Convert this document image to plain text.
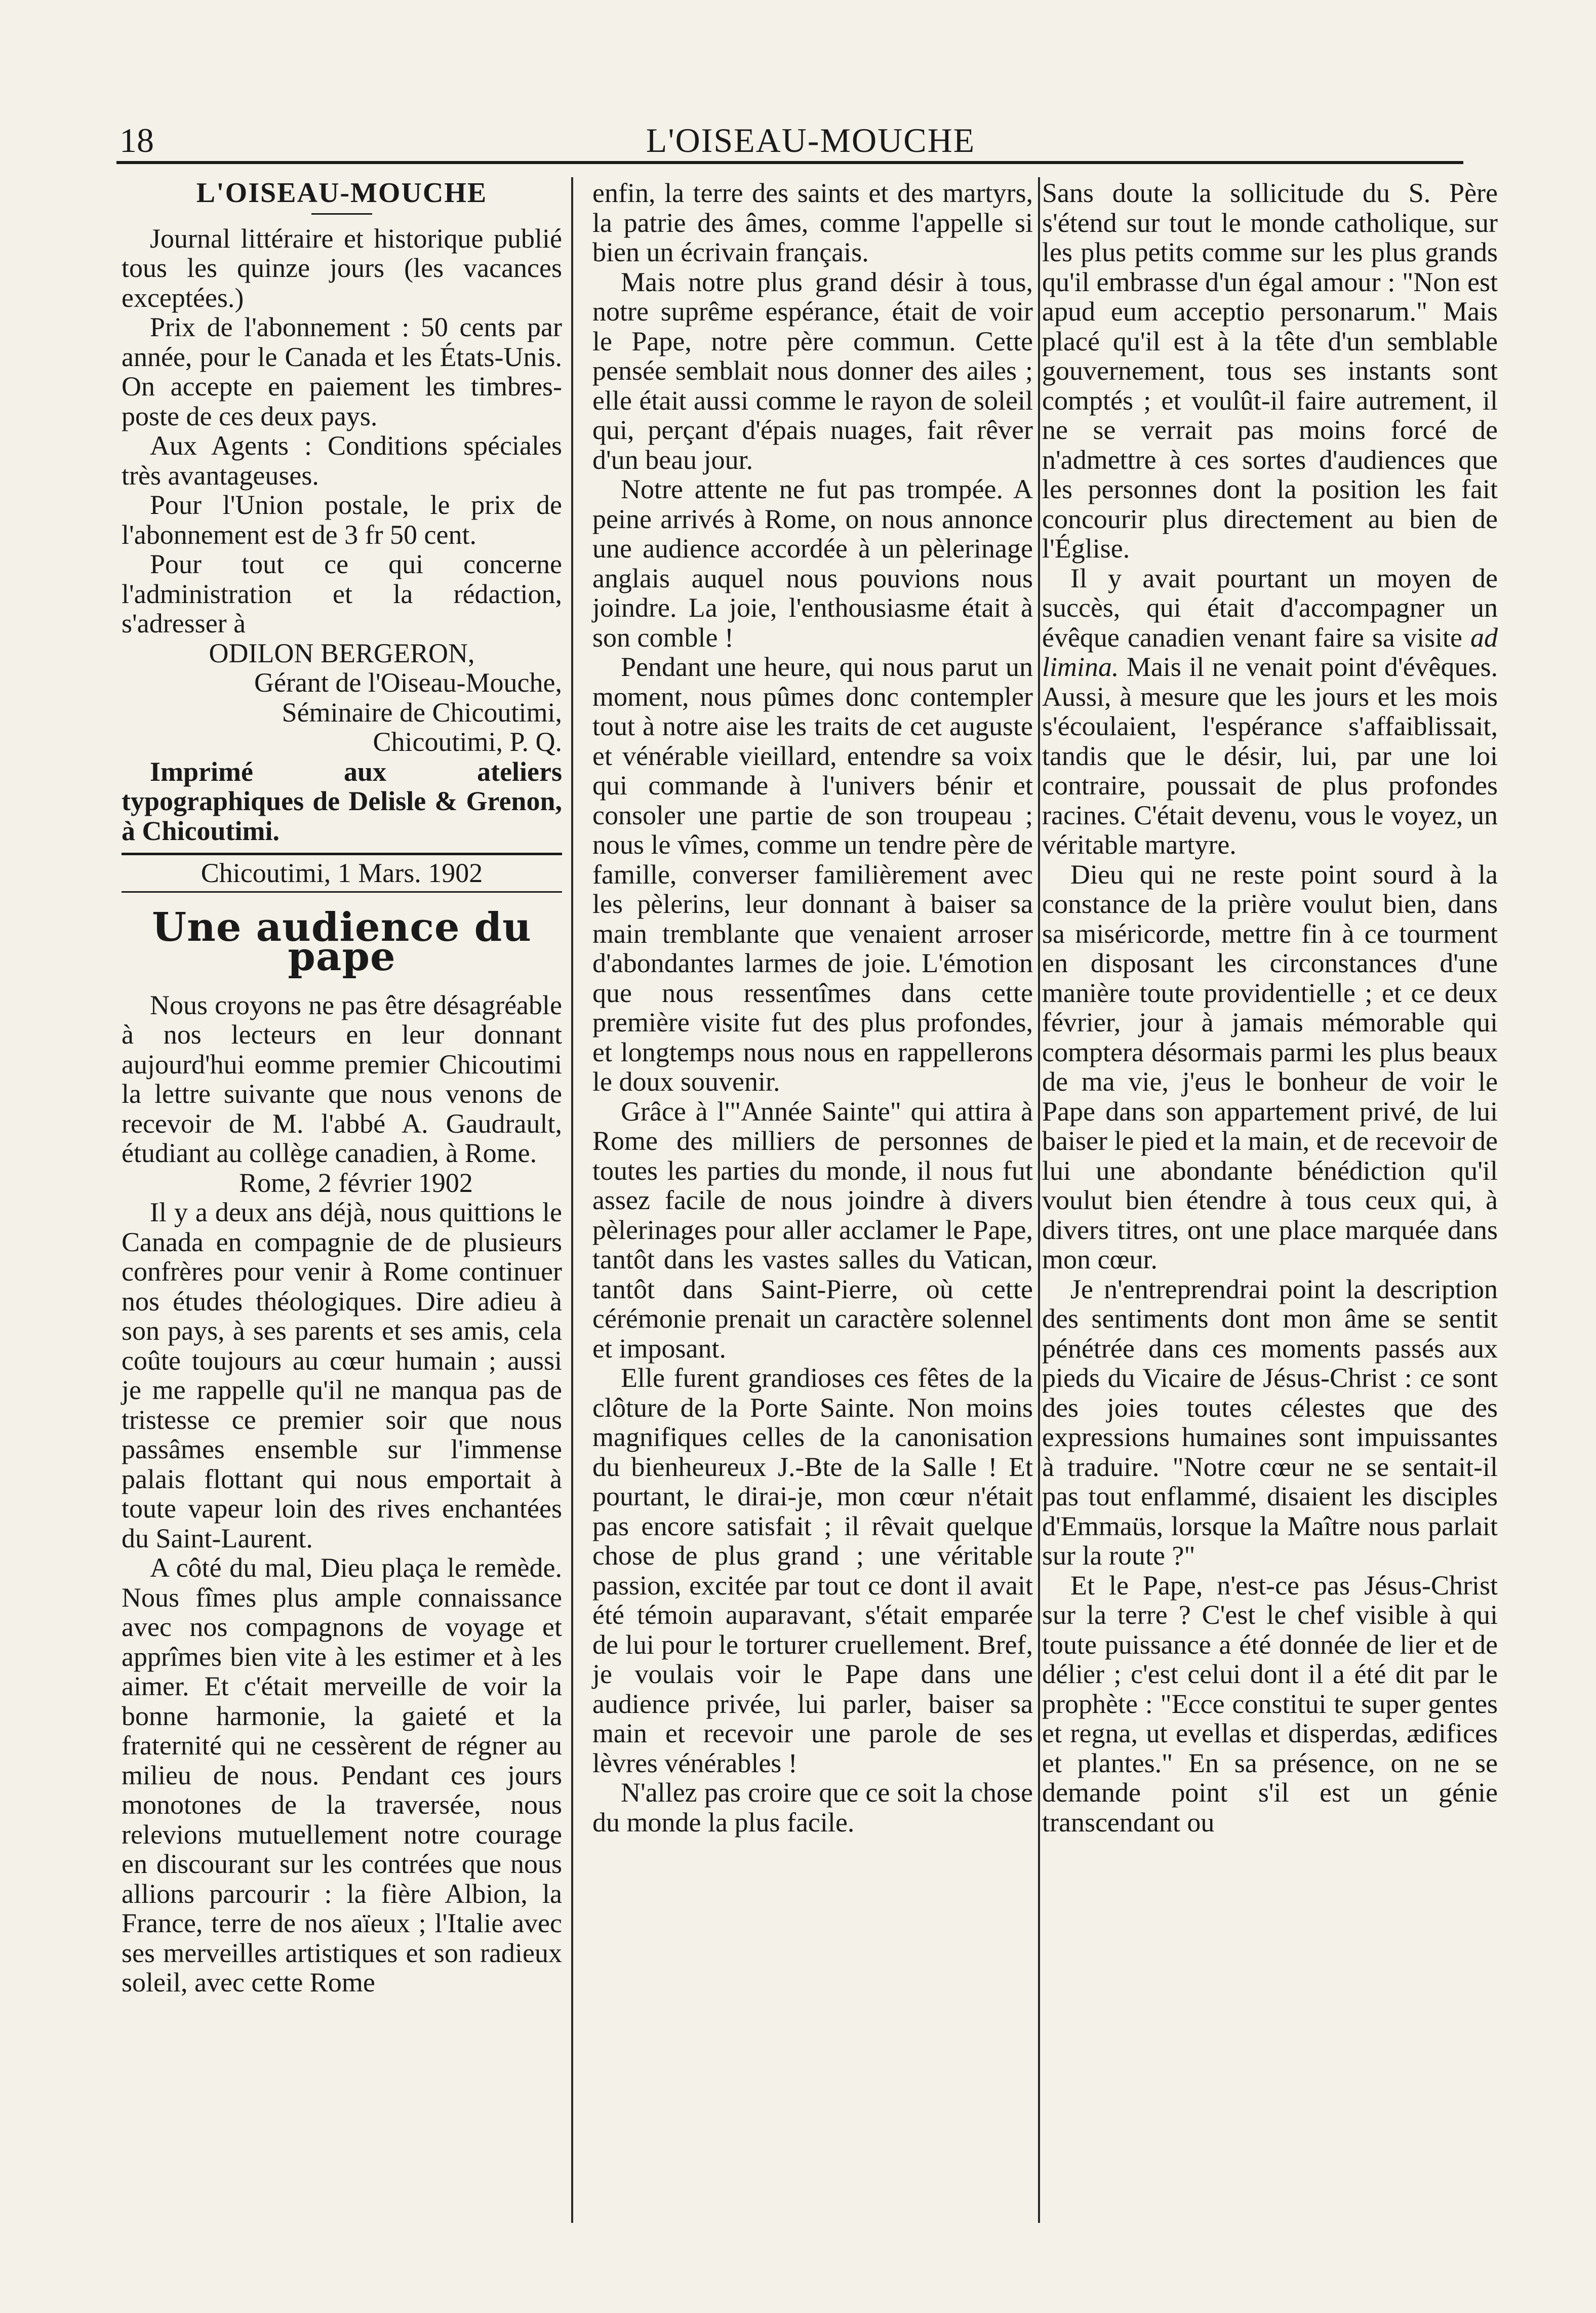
18	L'OISEAU-MOUCHE
L'OISEAU-MOUCHE

Journal littéraire et historique publié tous les quinze jours (les vacances exceptées.)

Prix de l'abonnement : 50 cents par année, pour le Canada et les États-Unis. On accepte en paiement les timbres-poste de ces deux pays.

Aux Agents : Conditions spéciales très avantageuses.

Pour l'Union postale, le prix de l'abonnement est de 3 fr 50 cent.

Pour tout ce qui concerne l'administration et la rédaction, s'adresser à

ODILON BERGERON,
Gérant de l'Oiseau-Mouche,
Séminaire de Chicoutimi,
Chicoutimi, P. Q.

Imprimé aux ateliers typographiques de Delisle & Grenon, à Chicoutimi.

Chicoutimi, 1 Mars. 1902
Une audience du pape

Nous croyons ne pas être désagréable à nos lecteurs en leur donnant aujourd'hui eomme premier Chicoutimi la lettre suivante que nous venons de recevoir de M. l'abbé A. Gaudrault, étudiant au collège canadien, à Rome.

Rome, 2 février 1902

Il y a deux ans déjà, nous quittions le Canada en compagnie de de plusieurs confrères pour venir à Rome continuer nos études théologiques. Dire adieu à son pays, à ses parents et ses amis, cela coûte toujours au cœur humain ; aussi je me rappelle qu'il ne manqua pas de tristesse ce premier soir que nous passâmes ensemble sur l'immense palais flottant qui nous emportait à toute vapeur loin des rives enchantées du Saint-Laurent.

A côté du mal, Dieu plaça le remède. Nous fîmes plus ample connaissance avec nos compagnons de voyage et apprîmes bien vite à les estimer et à les aimer. Et c'était merveille de voir la bonne harmonie, la gaieté et la fraternité qui ne cessèrent de régner au milieu de nous. Pendant ces jours monotones de la traversée, nous relevions mutuellement notre courage en discourant sur les contrées que nous allions parcourir : la fière Albion, la France, terre de nos aïeux ; l'Italie avec ses merveilles artistiques et son radieux soleil, avec cette Rome

enfin, la terre des saints et des martyrs, la patrie des âmes, comme l'appelle si bien un écrivain français.

Mais notre plus grand désir à tous, notre suprême espérance, était de voir le Pape, notre père commun. Cette pensée semblait nous donner des ailes ; elle était aussi comme le rayon de soleil qui, perçant d'épais nuages, fait rêver d'un beau jour.

Notre attente ne fut pas trompée. A peine arrivés à Rome, on nous annonce une audience accordée à un pèlerinage anglais auquel nous pouvions nous joindre. La joie, l'enthousiasme était à son comble !

Pendant une heure, qui nous parut un moment, nous pûmes donc contempler tout à notre aise les traits de cet auguste et vénérable vieillard, entendre sa voix qui commande à l'univers bénir et consoler une partie de son troupeau ; nous le vîmes, comme un tendre père de famille, converser familièrement avec les pèlerins, leur donnant à baiser sa main tremblante que venaient arroser d'abondantes larmes de joie. L'émotion que nous ressentîmes dans cette première visite fut des plus profondes, et longtemps nous nous en rappellerons le doux souvenir.

Grâce à l'"Année Sainte" qui attira à Rome des milliers de personnes de toutes les parties du monde, il nous fut assez facile de nous joindre à divers pèlerinages pour aller acclamer le Pape, tantôt dans les vastes salles du Vatican, tantôt dans Saint-Pierre, où cette cérémonie prenait un caractère solennel et imposant.

Elle furent grandioses ces fêtes de la clôture de la Porte Sainte. Non moins magnifiques celles de la canonisation du bienheureux J.-Bte de la Salle ! Et pourtant, le dirai-je, mon cœur n'était pas encore satisfait ; il rêvait quelque chose de plus grand ; une véritable passion, excitée par tout ce dont il avait été témoin auparavant, s'était emparée de lui pour le torturer cruellement. Bref, je voulais voir le Pape dans une audience privée, lui parler, baiser sa main et recevoir une parole de ses lèvres vénérables !

N'allez pas croire que ce soit la chose du monde la plus facile.

Sans doute la sollicitude du S. Père s'étend sur tout le monde catholique, sur les plus petits comme sur les plus grands qu'il embrasse d'un égal amour : "Non est apud eum acceptio personarum." Mais placé qu'il est à la tête d'un semblable gouvernement, tous ses instants sont comptés ; et voulût-il faire autrement, il ne se verrait pas moins forcé de n'admettre à ces sortes d'audiences que les personnes dont la position les fait concourir plus directement au bien de l'Église.

Il y avait pourtant un moyen de succès, qui était d'accompagner un évêque canadien venant faire sa visite ad limina. Mais il ne venait point d'évêques. Aussi, à mesure que les jours et les mois s'écoulaient, l'espérance s'affaiblissait, tandis que le désir, lui, par une loi contraire, poussait de plus profondes racines. C'était devenu, vous le voyez, un véritable martyre.

Dieu qui ne reste point sourd à la constance de la prière voulut bien, dans sa miséricorde, mettre fin à ce tourment en disposant les circonstances d'une manière toute providentielle ; et ce deux février, jour à jamais mémorable qui comptera désormais parmi les plus beaux de ma vie, j'eus le bonheur de voir le Pape dans son appartement privé, de lui baiser le pied et la main, et de recevoir de lui une abondante bénédiction qu'il voulut bien étendre à tous ceux qui, à divers titres, ont une place marquée dans mon cœur.

Je n'entreprendrai point la description des sentiments dont mon âme se sentit pénétrée dans ces moments passés aux pieds du Vicaire de Jésus-Christ : ce sont des joies toutes célestes que des expressions humaines sont impuissantes à traduire. "Notre cœur ne se sentait-il pas tout enflammé, disaient les disciples d'Emmaüs, lorsque la Maître nous parlait sur la route ?"

Et le Pape, n'est-ce pas Jésus-Christ sur la terre ? C'est le chef visible à qui toute puissance a été donnée de lier et de délier ; c'est celui dont il a été dit par le prophète : "Ecce constitui te super gentes et regna, ut evellas et disperdas, ædifices et plantes." En sa présence, on ne se demande point s'il est un génie transcendant ou
